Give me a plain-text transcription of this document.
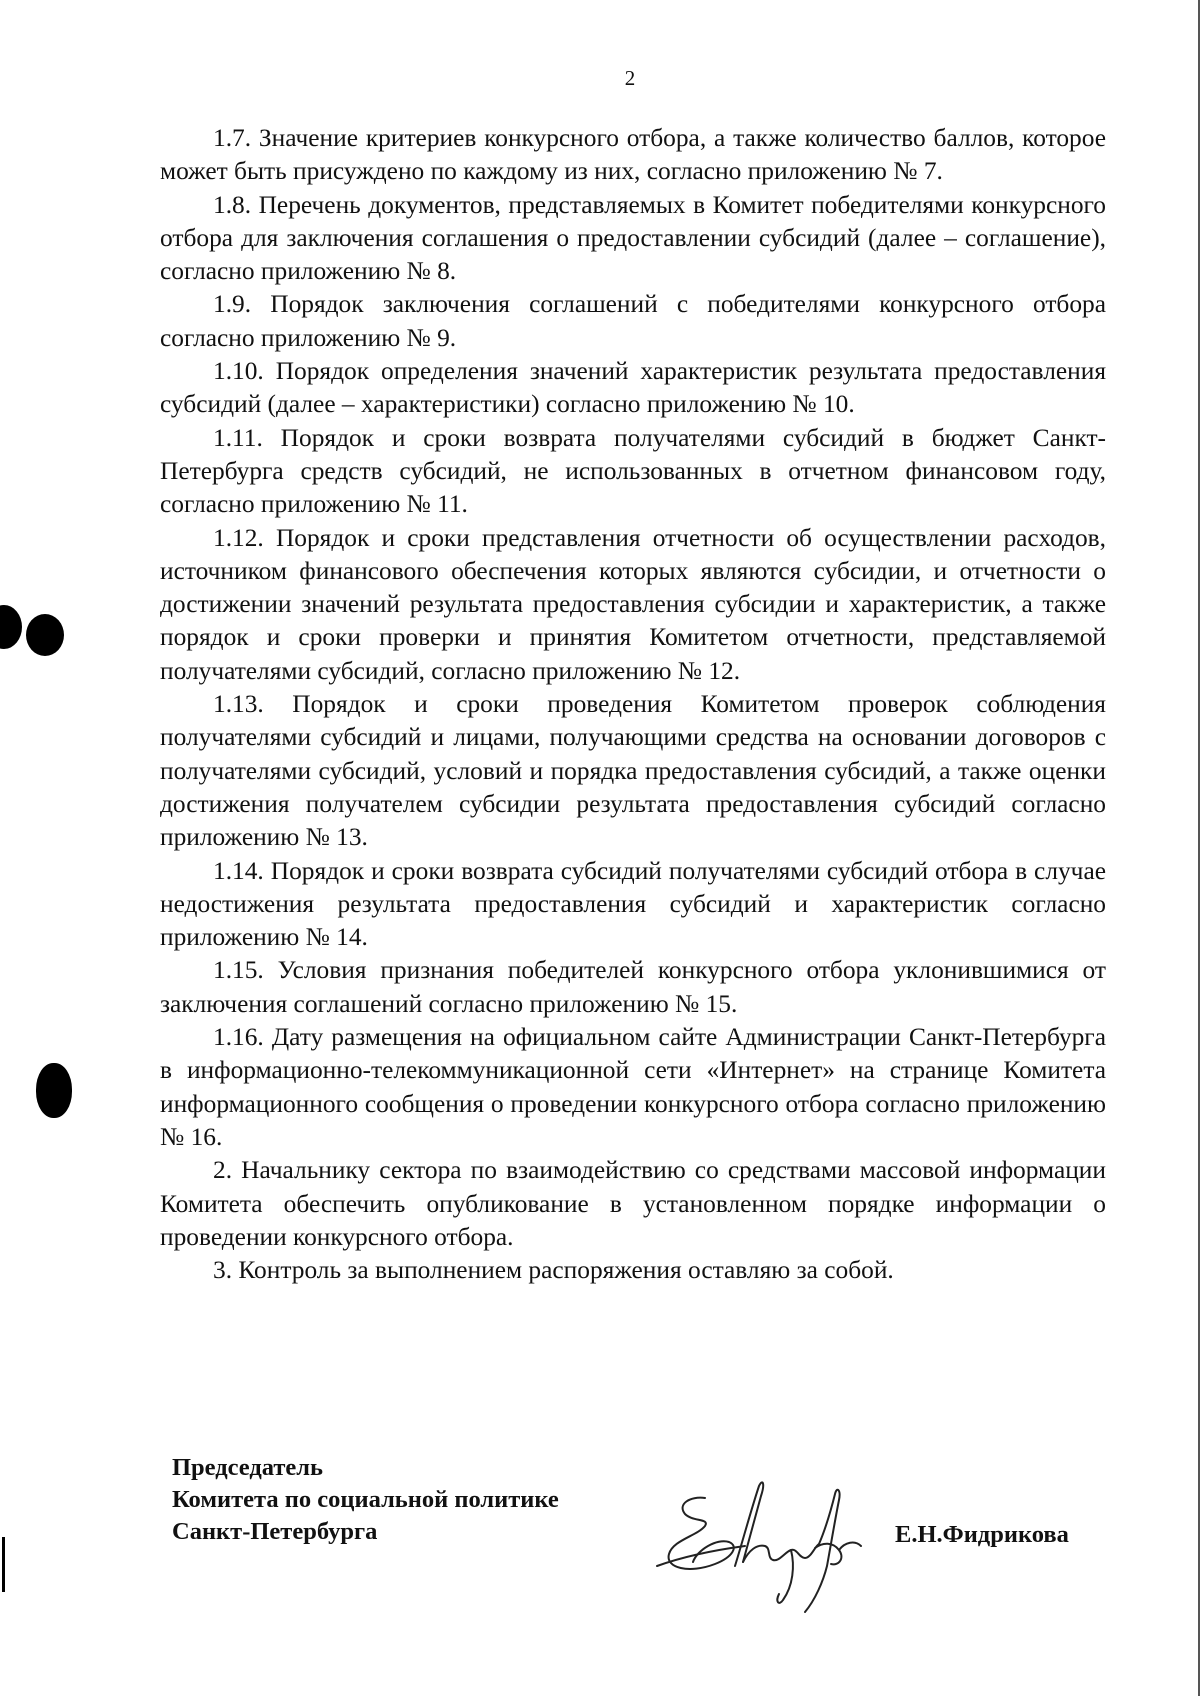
2

1.7. Значение критериев конкурсного отбора, а также количество баллов, которое может быть присуждено по каждому из них, согласно приложению № 7.

1.8. Перечень документов, представляемых в Комитет победителями конкурсного отбора для заключения соглашения о предоставлении субсидий (далее – соглашение), согласно приложению № 8.

1.9. Порядок заключения соглашений с победителями конкурсного отбора согласно приложению № 9.

1.10. Порядок определения значений характеристик результата предоставления субсидий (далее – характеристики) согласно приложению № 10.

1.11. Порядок и сроки возврата получателями субсидий в бюджет Санкт-Петербурга средств субсидий, не использованных в отчетном финансовом году, согласно приложению № 11.

1.12. Порядок и сроки представления отчетности об осуществлении расходов, источником финансового обеспечения которых являются субсидии, и отчетности о достижении значений результата предоставления субсидии и характеристик, а также порядок и сроки проверки и принятия Комитетом отчетности, представляемой получателями субсидий, согласно приложению № 12.

1.13. Порядок и сроки проведения Комитетом проверок соблюдения получателями субсидий и лицами, получающими средства на основании договоров с получателями субсидий, условий и порядка предоставления субсидий, а также оценки достижения получателем субсидии результата предоставления субсидий согласно приложению № 13.

1.14. Порядок и сроки возврата субсидий получателями субсидий отбора в случае недостижения результата предоставления субсидий и характеристик согласно приложению № 14.

1.15. Условия признания победителей конкурсного отбора уклонившимися от заключения соглашений согласно приложению № 15.

1.16. Дату размещения на официальном сайте Администрации Санкт-Петербурга в информационно-телекоммуникационной сети «Интернет» на странице Комитета информационного сообщения о проведении конкурсного отбора согласно приложению № 16.

2. Начальнику сектора по взаимодействию со средствами массовой информации Комитета обеспечить опубликование в установленном порядке информации о проведении конкурсного отбора.

3. Контроль за выполнением распоряжения оставляю за собой.

Председатель
Комитета по социальной политике
Санкт-Петербурга	Е.Н.Фидрикова
